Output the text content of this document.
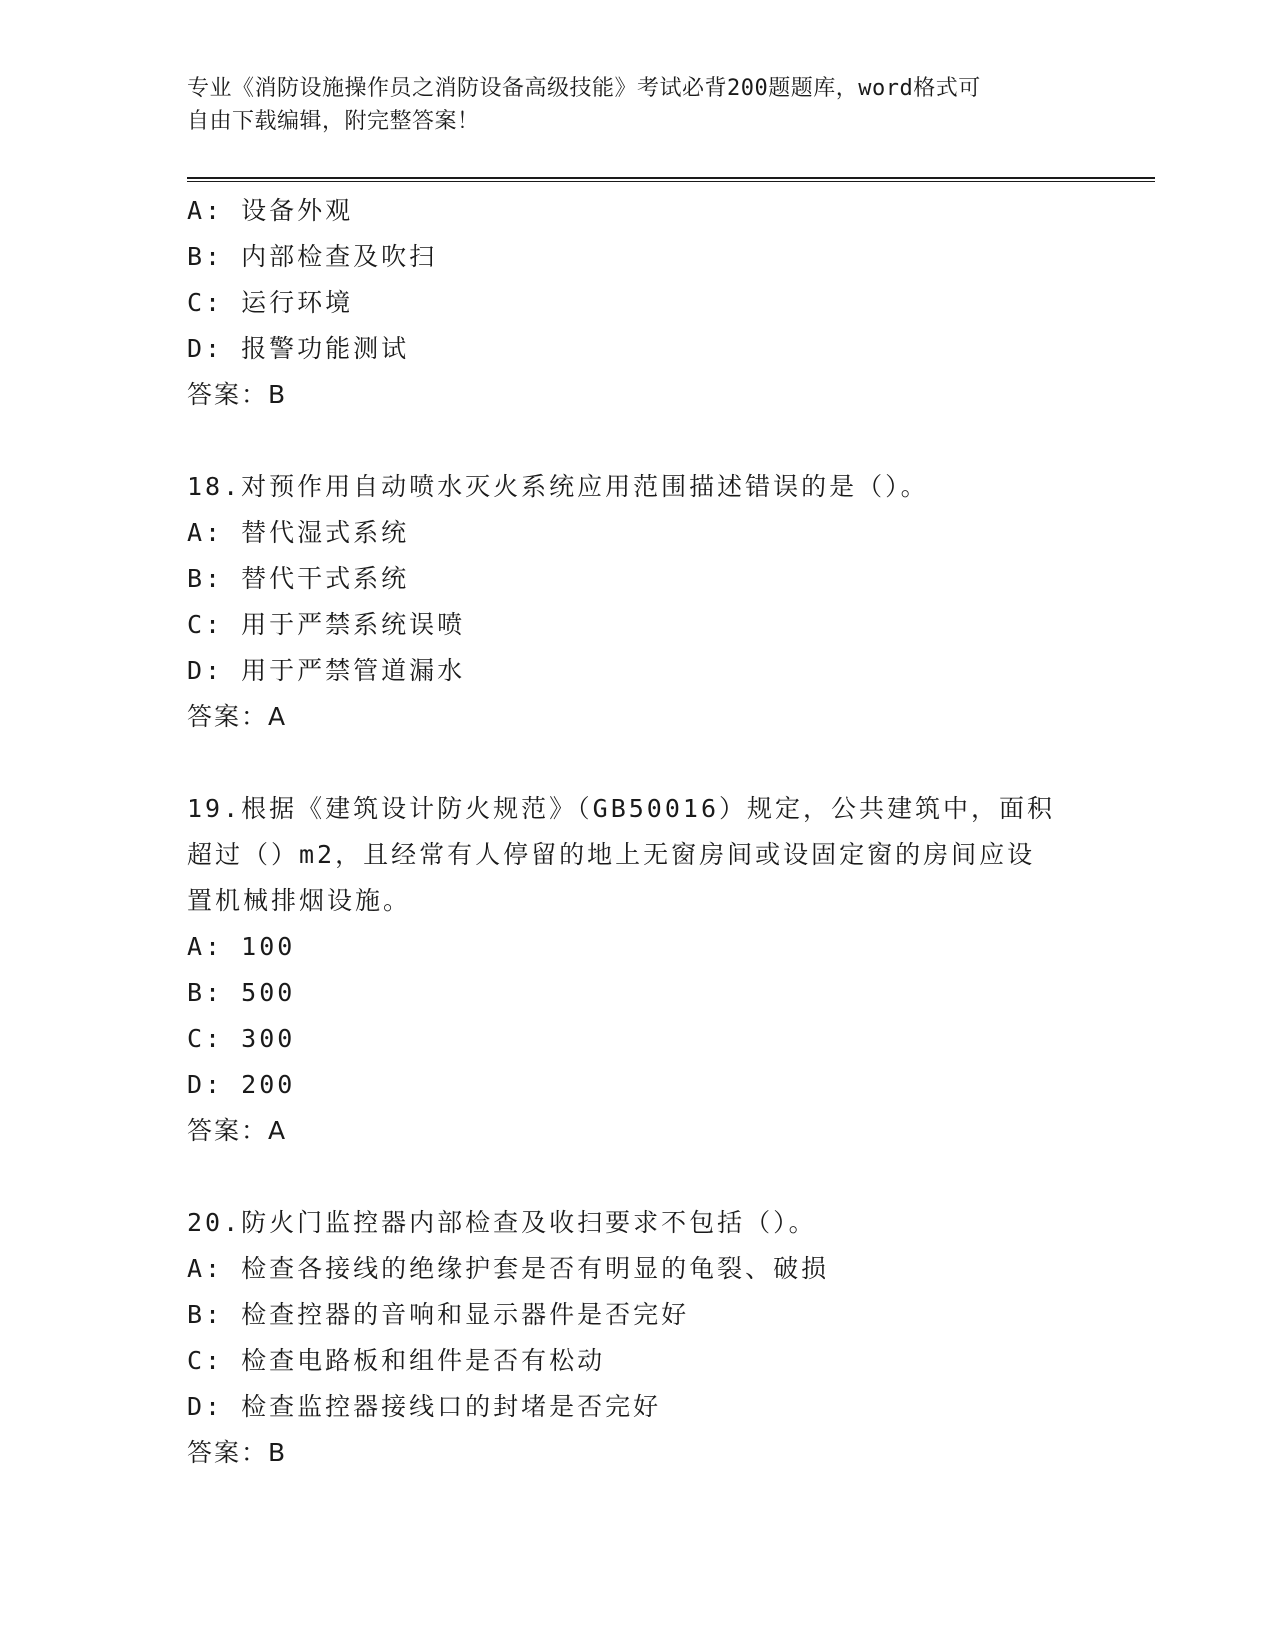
专业《消防设施操作员之消防设备高级技能》考试必背200题题库，word格式可
自由下载编辑，附完整答案！
A: 设备外观
B: 内部检查及吹扫
C: 运行环境
D: 报警功能测试
答案：B
18.对预作用自动喷水灭火系统应用范围描述错误的是（）。
A: 替代湿式系统
B: 替代干式系统
C: 用于严禁系统误喷
D: 用于严禁管道漏水
答案：A
19.根据《建筑设计防火规范》（GB50016）规定，公共建筑中，面积
超过（）m2，且经常有人停留的地上无窗房间或设固定窗的房间应设
置机械排烟设施。
A: 100
B: 500
C: 300
D: 200
答案：A
20.防火门监控器内部检查及收扫要求不包括（）。
A: 检查各接线的绝缘护套是否有明显的龟裂、破损
B: 检查控器的音响和显示器件是否完好
C: 检查电路板和组件是否有松动
D: 检查监控器接线口的封堵是否完好
答案：B
